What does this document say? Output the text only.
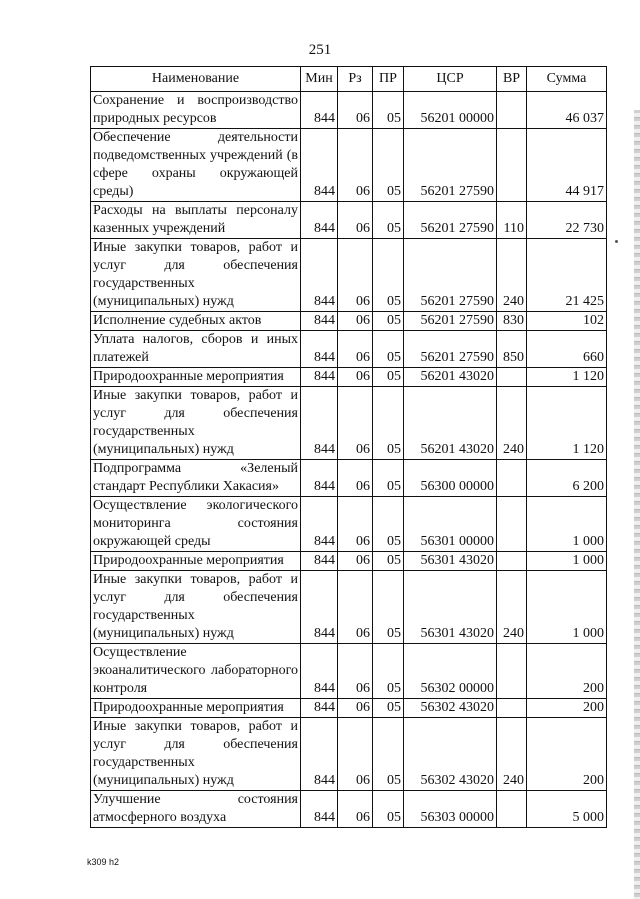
251
Наименование	Мин	Рз	ПР	ЦСР	ВР	Сумма
Сохранение и воспроизводство природных ресурсов	844	06	05	56201 00000		46 037
Обеспечение деятельности подведомственных учреждений (в сфере охраны окружающей среды)	844	06	05	56201 27590		44 917
Расходы на выплаты персоналу казенных учреждений	844	06	05	56201 27590	110	22 730
Иные закупки товаров, работ и услуг для обеспечения государственных (муниципальных) нужд	844	06	05	56201 27590	240	21 425
Исполнение судебных актов	844	06	05	56201 27590	830	102
Уплата налогов, сборов и иных платежей	844	06	05	56201 27590	850	660
Природоохранные мероприятия	844	06	05	56201 43020		1 120
Иные закупки товаров, работ и услуг для обеспечения государственных (муниципальных) нужд	844	06	05	56201 43020	240	1 120
Подпрограмма «Зеленый стандарт Республики Хакасия»	844	06	05	56300 00000		6 200
Осуществление экологического мониторинга состояния окружающей среды	844	06	05	56301 00000		1 000
Природоохранные мероприятия	844	06	05	56301 43020		1 000
Иные закупки товаров, работ и услуг для обеспечения государственных (муниципальных) нужд	844	06	05	56301 43020	240	1 000
Осуществление экоаналитического лабораторного контроля	844	06	05	56302 00000		200
Природоохранные мероприятия	844	06	05	56302 43020		200
Иные закупки товаров, работ и услуг для обеспечения государственных (муниципальных) нужд	844	06	05	56302 43020	240	200
Улучшение состояния атмосферного воздуха	844	06	05	56303 00000		5 000
k309 h2
